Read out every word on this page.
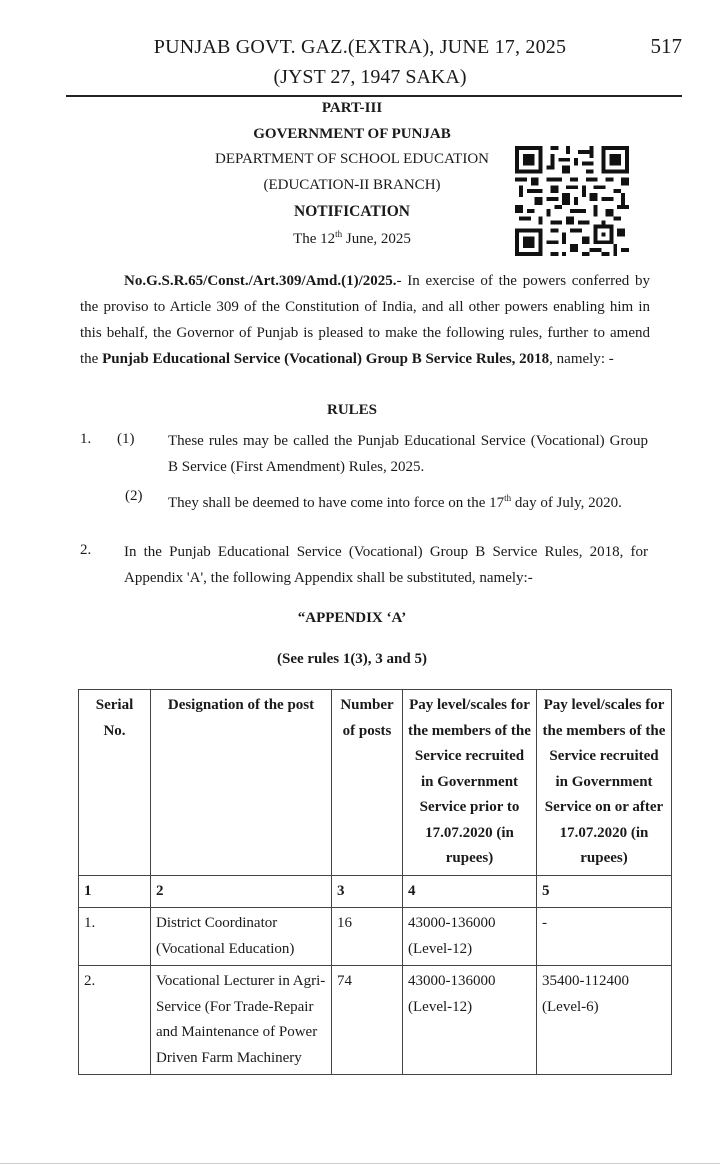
PUNJAB GOVT. GAZ.(EXTRA), JUNE 17, 2025	517
(JYST 27, 1947 SAKA)
PART-III
GOVERNMENT OF PUNJAB
DEPARTMENT OF SCHOOL EDUCATION
(EDUCATION-II BRANCH)
NOTIFICATION
The 12th June, 2025
No.G.S.R.65/Const./Art.309/Amd.(1)/2025.- In exercise of the powers conferred by the proviso to Article 309 of the Constitution of India, and all other powers enabling him in this behalf, the Governor of Punjab is pleased to make the following rules, further to amend the Punjab Educational Service (Vocational) Group B Service Rules, 2018, namely: -
RULES
1. (1) These rules may be called the Punjab Educational Service (Vocational) Group B Service (First Amendment) Rules, 2025.
(2) They shall be deemed to have come into force on the 17th day of July, 2020.
2. In the Punjab Educational Service (Vocational) Group B Service Rules, 2018, for Appendix 'A', the following Appendix shall be substituted, namely:-
“APPENDIX ‘A’
(See rules 1(3), 3 and 5)
Serial No.	Designation of the post	Number of posts	Pay level/scales for the members of the Service recruited in Government Service prior to 17.07.2020 (in rupees)	Pay level/scales for the members of the Service recruited in Government Service on or after 17.07.2020 (in rupees)
1	2	3	4	5
1.	District Coordinator (Vocational Education)	16	43000-136000 (Level-12)	-
2.	Vocational Lecturer in Agri-Service (For Trade-Repair and Maintenance of Power Driven Farm Machinery	74	43000-136000 (Level-12)	35400-112400 (Level-6)
